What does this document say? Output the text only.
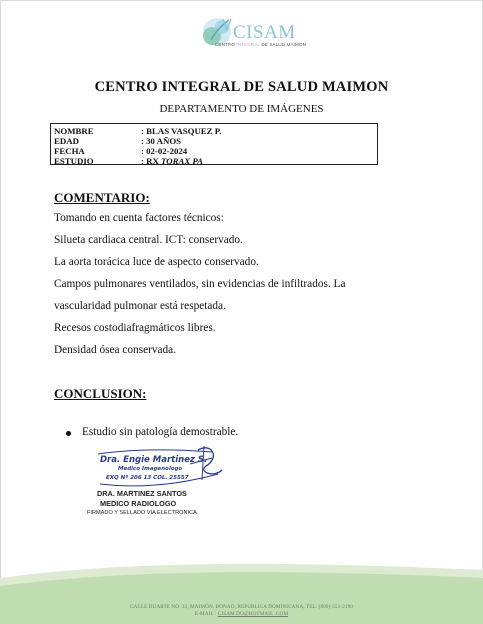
CISAM
CENTRO INTEGRAL DE SALUD MAIMON
CENTRO INTEGRAL DE SALUD MAIMON
DEPARTAMENTO DE IMÁGENES
NOMBRE	: BLAS VASQUEZ P.
EDAD	: 30 AÑOS
FECHA	: 02-02-2024
ESTUDIO	: RX TORAX PA
COMENTARIO:
Tomando en cuenta factores técnicos:
Silueta cardiaca central. ICT: conservado.
La aorta torácica luce de aspecto conservado.
Campos pulmonares ventilados, sin evidencias de infiltrados. La
vascularidad pulmonar está respetada.
Recesos costodiafragmáticos libres.
Densidad ósea conservada.
CONCLUSION:
Estudio sin patología demostrable.
Dra. Engie Martinez S.
Medico Imagenologo
EXQ Nº 206 13 COL. 25557
DRA. MARTINEZ SANTOS
MEDICO RADIOLOGO
FIRMADO Y SELLADO VIA ELECTRONICA
CALLE DUARTE NO. 33, MAIMÓN, BONAO, REPUBLICA DOMINICANA, TEL: (809)-551-2190
E-MAIL : CISAM.DO@HOTMAIL .COM
